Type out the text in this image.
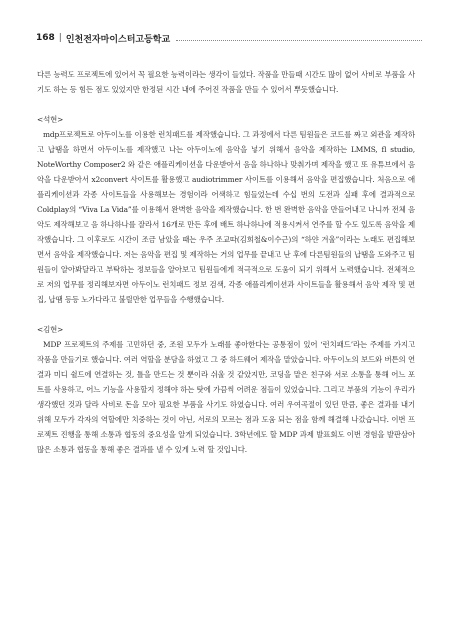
168 | 인천전자마이스터고등학교

다른 능력도 프로젝트에 있어서 꼭 필요한 능력이라는 생각이 들었다. 작품을 만들때 시간도 많이 없어 사비로 부품을 사기도 하는 등 힘든 점도 있었지만 한정된 시간 내에 주어진 작품을 만들 수 있어서 뿌듯했습니다.

<석현>

mdp프로젝트로 아두이노를 이용한 런치패드를 제작했습니다. 그 과정에서 다른 팀원들은 코드를 짜고 외관을 제작하고 납땜을 하면서 아두이노를 제작했고 나는 아두이노에 음악을 넣기 위해서 음악을 제작하는 LMMS, fl studio, NoteWorthy Composer2 와 같은 애플리케이션을 다운받아서 음을 하나하나 맞춰가며 제작을 했고 또 유튜브에서 음악을 다운받아서 x2convert 사이트를 활용했고 audiotrimmer 사이트를 이용해서 음악을 편집했습니다. 처음으로 애플리케이션과 각종 사이트들을 사용해보는 경험이라 어색하고 힘들었는데 수십 번의 도전과 실패 후에 결과적으로 Coldplay의 “Viva La Vida”를 이용해서 완벽한 음악을 제작했습니다. 한 번 완벽한 음악을 만들어내고 나니까 전체 음악도 제작해보고 음 하나하나를 잘라서 16개로 만든 후에 배트 하나하나에 적용시켜서 연주를 할 수도 있도록 음악을 제작했습니다. 그 이후로도 시간이 조금 남았을 때는 우주 조교따(김희철&이수근)의 “하얀 겨울”이라는 노래도 편집해보면서 음악을 제작했습니다. 저는 음악을 편집 및 제작하는 거의 업무를 끝내고 난 후에 다른팀원들의 납땜을 도와주고 팀원들이 알아봐달라고 부탁하는 정보들을 알아보고 팀원들에게 적극적으로 도움이 되기 위해서 노력했습니다. 전체적으로 저의 업무를 정리해보자면 아두이노 런치패드 정보 검색, 각종 애플리케이션과 사이트들을 활용해서 음악 제작 및 편집, 납땜 등등 노가다라고 불릴만한 업무들을 수행했습니다.

<김현>

MDP 프로젝트의 주제를 고민하던 중, 조원 모두가 노래를 좋아한다는 공통점이 있어 ‘런치패드’라는 주제를 가지고 작품을 만들기로 했습니다. 여러 역할을 분담을 하였고 그 중 하드웨어 제작을 맡았습니다. 아두이노의 보드와 버튼의 연결과 미디 쉴드에 연결하는 것, 틀을 만드는 것 뿐이라 쉬울 것 같았지만, 코딩을 맡은 친구와 서로 소통을 통해 어느 포트를 사용하고, 어느 기능을 사용할지 정해야 하는 탓에 가끔씩 어려운 점들이 있었습니다. 그리고 부품의 기능이 우리가 생각했던 것과 달라 사비로 돈을 모아 필요한 부품을 사기도 하였습니다. 여러 우여곡절이 있던 만큼, 좋은 결과를 내기 위해 모두가 각자의 역할에만 치중하는 것이 아닌, 서로의 모르는 점과 도움 되는 점을 함께 해결해 나갔습니다. 이번 프로젝트 진행을 통해 소통과 협동의 중요성을 알게 되었습니다. 3학년에도 할 MDP 과제 발표회도 이번 경험을 발판삼아 많은 소통과 협동을 통해 좋은 결과를 낼 수 있게 노력 할 것입니다.
